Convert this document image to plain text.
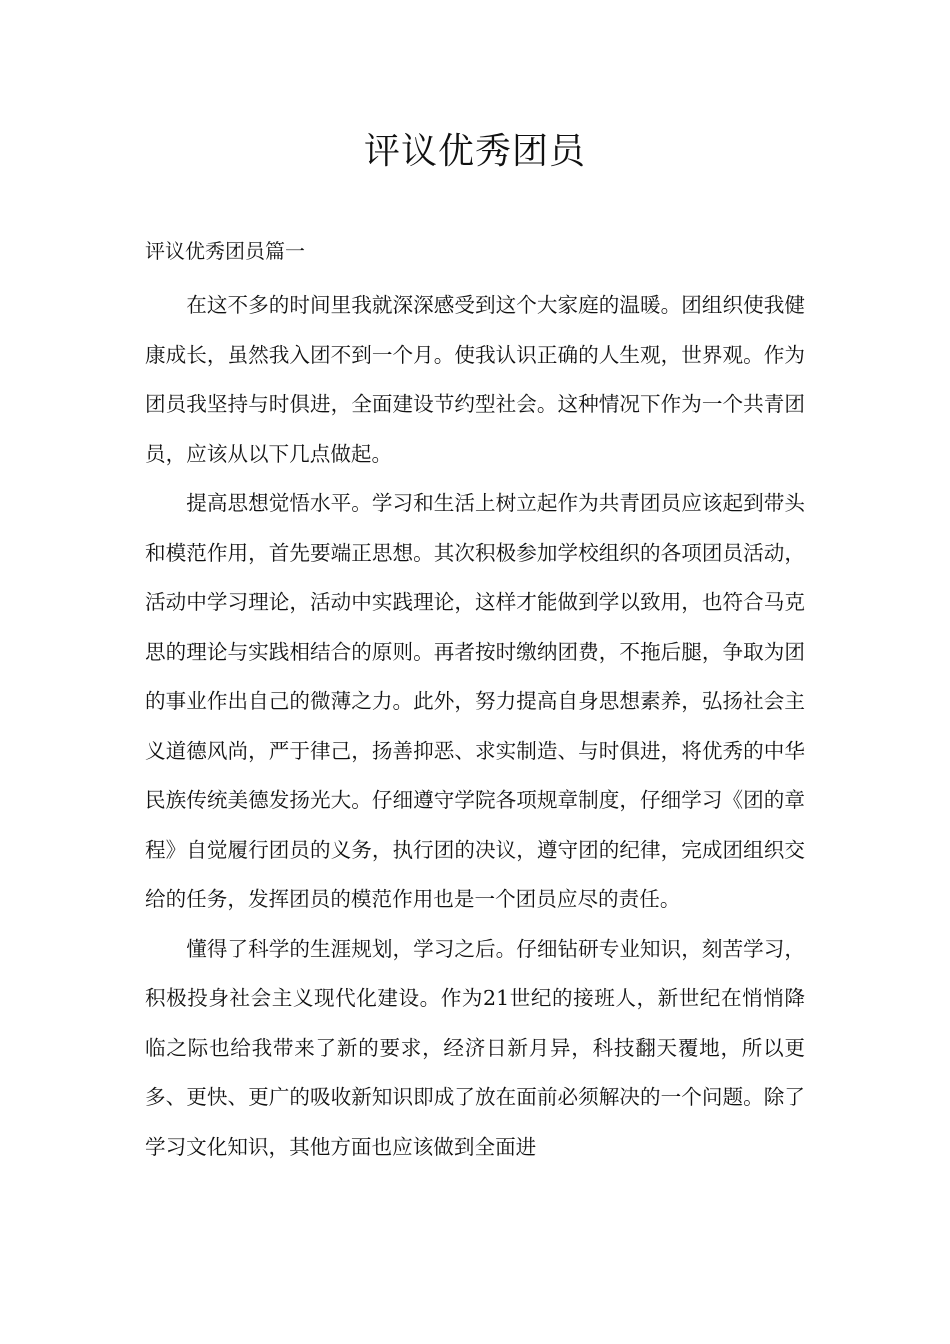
评议优秀团员
评议优秀团员篇一

在这不多的时间里我就深深感受到这个大家庭的温暖。团组织使我健康成长，虽然我入团不到一个月。使我认识正确的人生观，世界观。作为团员我坚持与时俱进，全面建设节约型社会。这种情况下作为一个共青团员，应该从以下几点做起。

提高思想觉悟水平。学习和生活上树立起作为共青团员应该起到带头和模范作用，首先要端正思想。其次积极参加学校组织的各项团员活动，活动中学习理论，活动中实践理论，这样才能做到学以致用，也符合马克思的理论与实践相结合的原则。再者按时缴纳团费，不拖后腿，争取为团的事业作出自己的微薄之力。此外，努力提高自身思想素养，弘扬社会主义道德风尚，严于律己，扬善抑恶、求实制造、与时俱进，将优秀的中华民族传统美德发扬光大。仔细遵守学院各项规章制度，仔细学习《团的章程》自觉履行团员的义务，执行团的决议，遵守团的纪律，完成团组织交给的任务，发挥团员的模范作用也是一个团员应尽的责任。

懂得了科学的生涯规划，学习之后。仔细钻研专业知识，刻苦学习，积极投身社会主义现代化建设。作为21世纪的接班人，新世纪在悄悄降临之际也给我带来了新的要求，经济日新月异，科技翻天覆地，所以更多、更快、更广的吸收新知识即成了放在面前必须解决的一个问题。除了学习文化知识，其他方面也应该做到全面进
